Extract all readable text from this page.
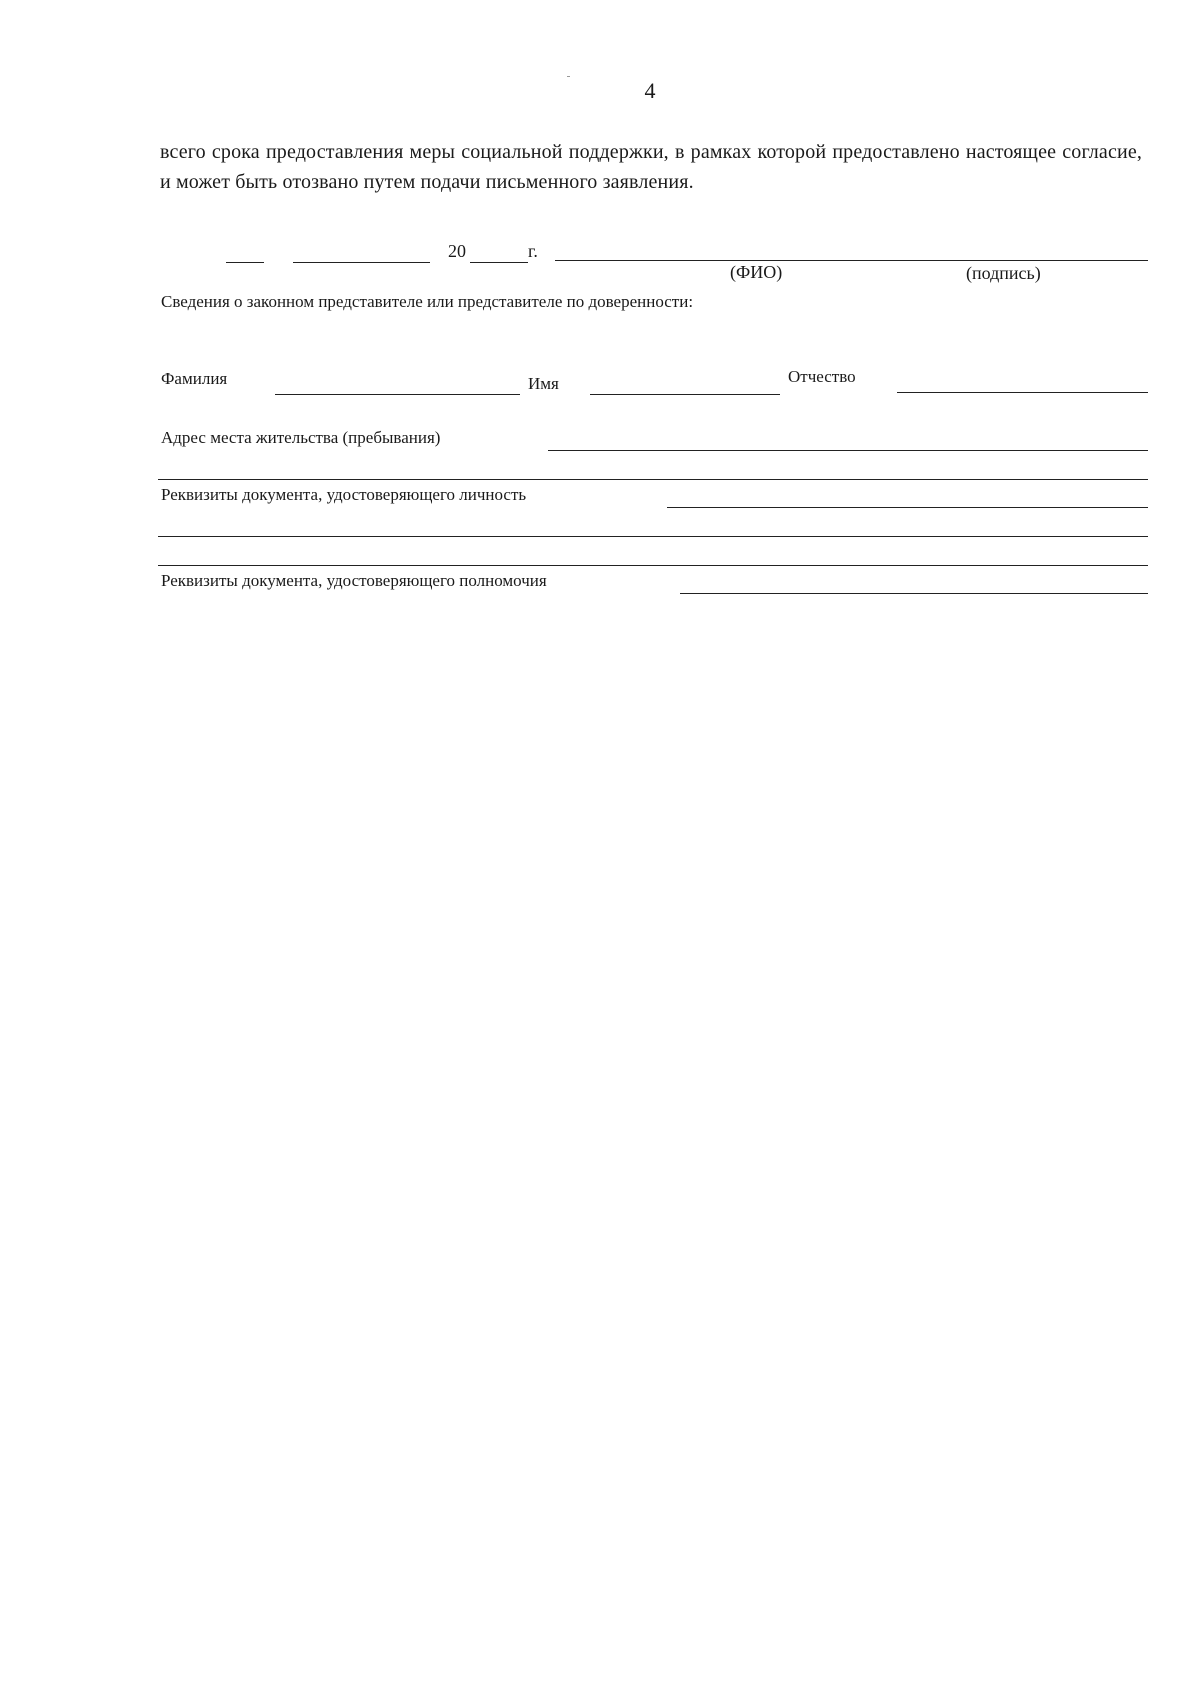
4
всего срока предоставления меры социальной поддержки, в рамках которой предоставлено настоящее согласие, и может быть отозвано путем подачи письменного заявления.
20	г.
(ФИО)	(подпись)
Сведения о законном представителе или представителе по доверенности:
Фамилия	Имя	Отчество
Адрес места жительства (пребывания)
Реквизиты документа, удостоверяющего личность
Реквизиты документа, удостоверяющего полномочия
